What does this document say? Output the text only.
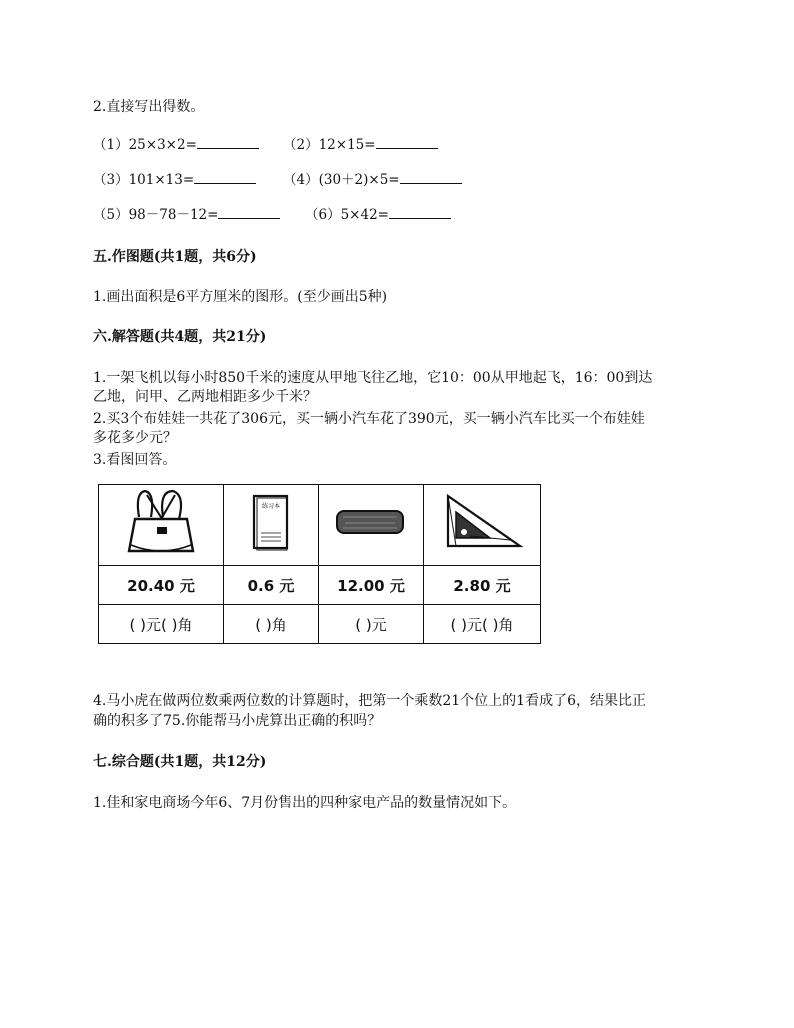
2.直接写出得数。
（1）25×3×2=	（2）12×15=
（3）101×13=	（4）(30＋2)×5=
（5）98－78－12=	（6）5×42=
五.作图题(共1题，共6分)
1.画出面积是6平方厘米的图形。(至少画出5种)
六.解答题(共4题，共21分)
1.一架飞机以每小时850千米的速度从甲地飞往乙地，它10：00从甲地起飞，16：00到达
乙地，问甲、乙两地相距多少千米？
2.买3个布娃娃一共花了306元，买一辆小汽车花了390元，买一辆小汽车比买一个布娃娃
多花多少元？
3.看图回答。

练习本

20.40 元	0.6 元	12.00 元	2.80 元
( )元( )角	( )角	( )元	( )元( )角
4.马小虎在做两位数乘两位数的计算题时，把第一个乘数21个位上的1看成了6，结果比正
确的积多了75.你能帮马小虎算出正确的积吗？
七.综合题(共1题，共12分)
1.佳和家电商场今年6、7月份售出的四种家电产品的数量情况如下。
